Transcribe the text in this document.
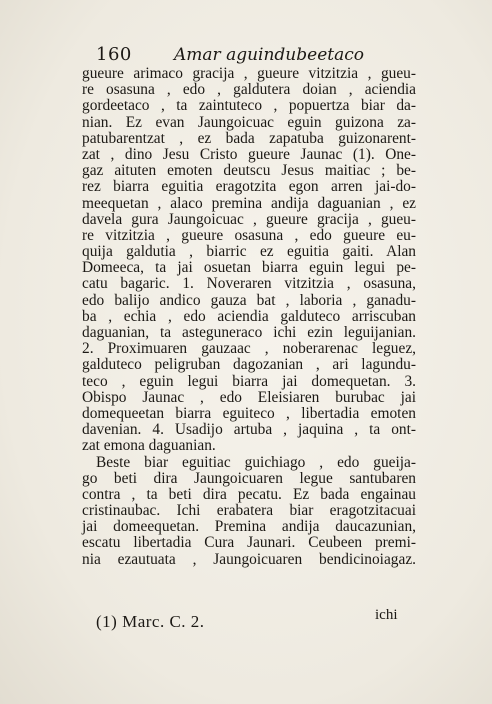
160 Amar aguindubeetaco
gueure arimaco gracija , gueure vitzitzia , gueu-
re osasuna , edo , galdutera doian , aciendia
gordeetaco , ta zaintuteco , popuertza biar da-
nian. Ez evan Jaungoicuac eguin guizona za-
patubarentzat , ez bada zapatuba guizonarent-
zat , dino Jesu Cristo gueure Jaunac (1). One-
gaz aituten emoten deutscu Jesus maitiac ; be-
rez biarra eguitia eragotzita egon arren jai-do-
meequetan , alaco premina andija daguanian , ez
davela gura Jaungoicuac , gueure gracija , gueu-
re vitzitzia , gueure osasuna , edo gueure eu-
quija galdutia , biarric ez eguitia gaiti. Alan
Domeeca, ta jai osuetan biarra eguin legui pe-
catu bagaric. 1. Noveraren vitzitzia , osasuna,
edo balijo andico gauza bat , laboria , ganadu-
ba , echia , edo aciendia galduteco arriscuban
daguanian, ta asteguneraco ichi ezin leguijanian.
2. Proximuaren gauzaac , noberarenac leguez,
galduteco peligruban dagozanian , ari lagundu-
teco , eguin legui biarra jai domequetan. 3.
Obispo Jaunac , edo Eleisiaren burubac jai
domequeetan biarra eguiteco , libertadia emoten
davenian. 4. Usadijo artuba , jaquina , ta ont-
zat emona daguanian.
Beste biar eguitiac guichiago , edo gueija-
go beti dira Jaungoicuaren legue santubaren
contra , ta beti dira pecatu. Ez bada engainau
cristinaubac. Ichi erabatera biar eragotzitacuai
jai domeequetan. Premina andija daucazunian,
escatu libertadia Cura Jaunari. Ceubeen premi-
nia ezautuata , Jaungoicuaren bendicinoiagaz.
ichi
(1) Marc. C. 2.
